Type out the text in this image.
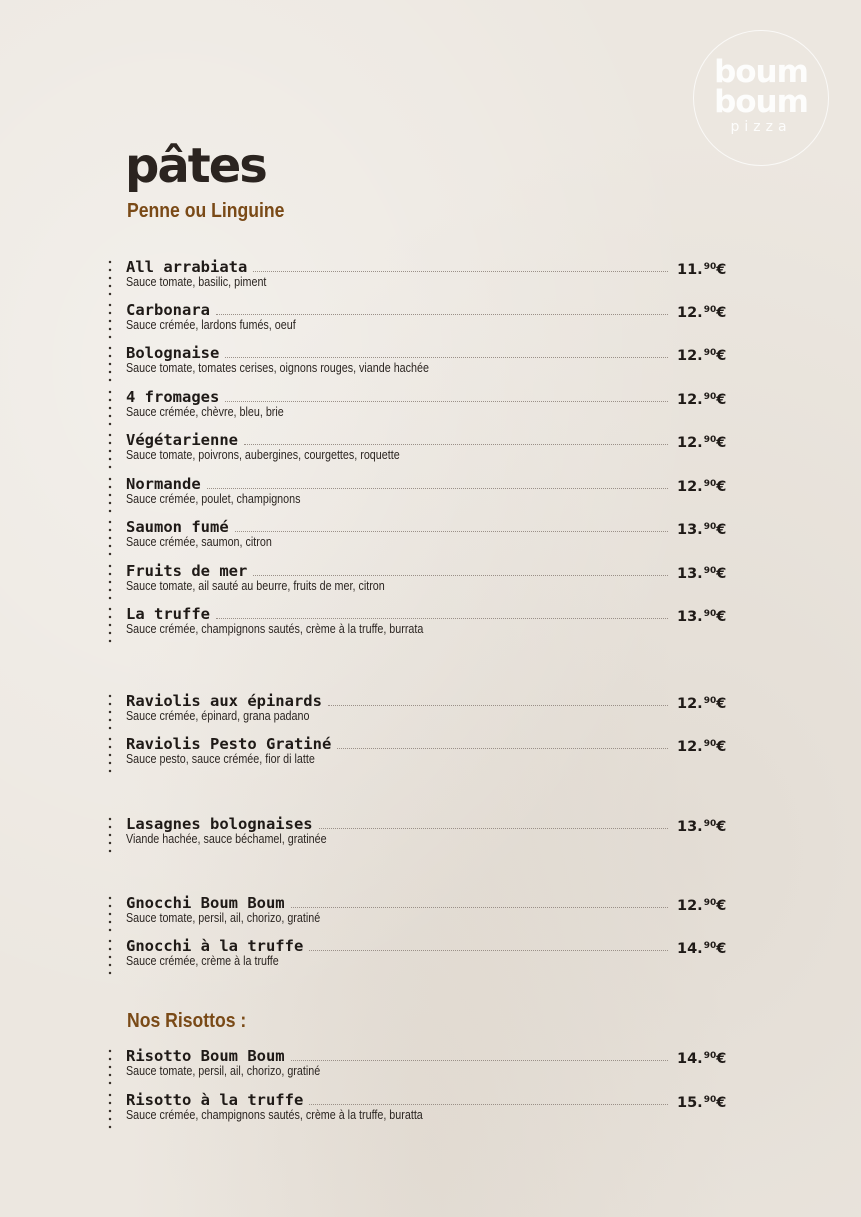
boum
boum
pizza
pâtes
Penne ou Linguine
Nos Risottos :
All arrabiata	11.90€
Sauce tomate, basilic, piment
Carbonara	12.90€
Sauce crémée, lardons fumés, oeuf
Bolognaise	12.90€
Sauce tomate, tomates cerises, oignons rouges, viande hachée
4 fromages	12.90€
Sauce crémée, chèvre, bleu, brie
Végétarienne	12.90€
Sauce tomate, poivrons, aubergines, courgettes, roquette
Normande	12.90€
Sauce crémée, poulet, champignons
Saumon fumé	13.90€
Sauce crémée, saumon, citron
Fruits de mer	13.90€
Sauce tomate, ail sauté au beurre, fruits de mer, citron
La truffe	13.90€
Sauce crémée, champignons sautés, crème à la truffe, burrata
Raviolis aux épinards	12.90€
Sauce crémée, épinard, grana padano
Raviolis Pesto Gratiné	12.90€
Sauce pesto, sauce crémée, fior di latte
Lasagnes bolognaises	13.90€
Viande hachée, sauce béchamel, gratinée
Gnocchi Boum Boum	12.90€
Sauce tomate, persil, ail, chorizo, gratiné
Gnocchi à la truffe	14.90€
Sauce crémée, crème à la truffe
Risotto Boum Boum	14.90€
Sauce tomate, persil, ail, chorizo, gratiné
Risotto à la truffe	15.90€
Sauce crémée, champignons sautés, crème à la truffe, buratta
